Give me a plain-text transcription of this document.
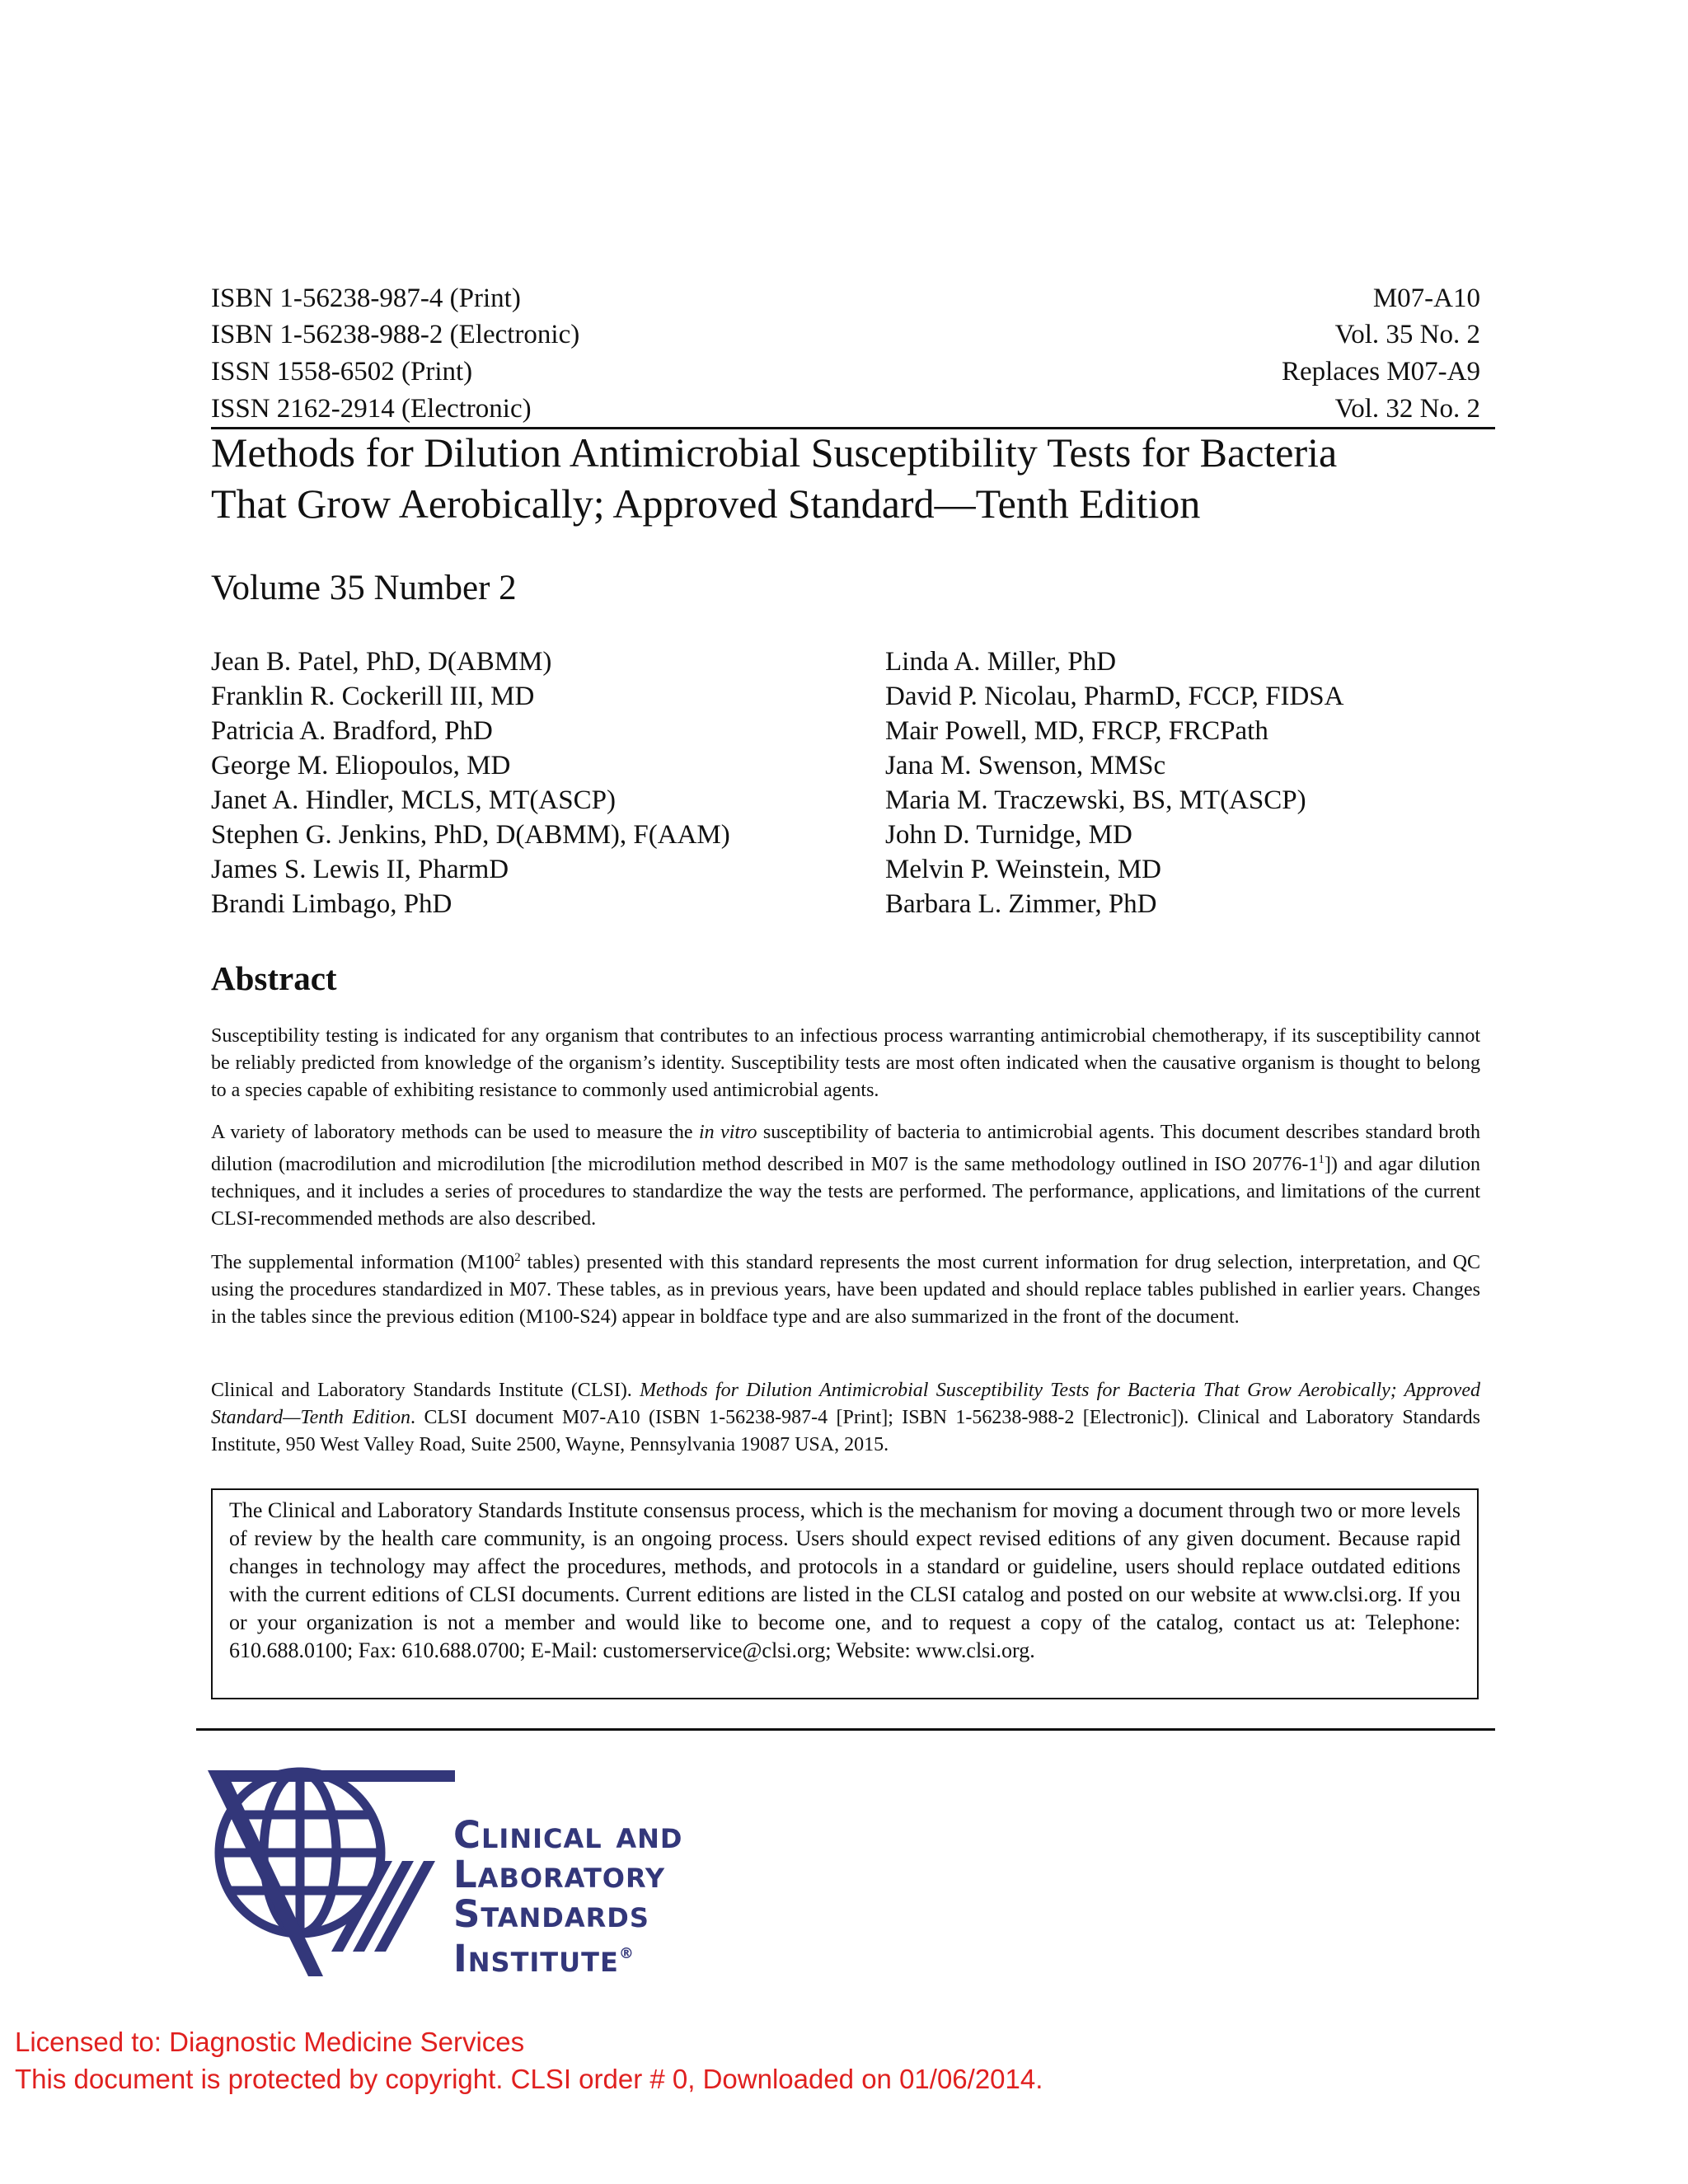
ISBN 1-56238-987-4 (Print)	M07-A10
ISBN 1-56238-988-2 (Electronic)	Vol. 35 No. 2
ISSN 1558-6502 (Print)	Replaces M07-A9
ISSN 2162-2914 (Electronic)	Vol. 32 No. 2
Methods for Dilution Antimicrobial Susceptibility Tests for Bacteria
That Grow Aerobically; Approved Standard—Tenth Edition
Volume 35 Number 2
Jean B. Patel, PhD, D(ABMM)
Franklin R. Cockerill III, MD
Patricia A. Bradford, PhD
George M. Eliopoulos, MD
Janet A. Hindler, MCLS, MT(ASCP)
Stephen G. Jenkins, PhD, D(ABMM), F(AAM)
James S. Lewis II, PharmD
Brandi Limbago, PhD
Linda A. Miller, PhD
David P. Nicolau, PharmD, FCCP, FIDSA
Mair Powell, MD, FRCP, FRCPath
Jana M. Swenson, MMSc
Maria M. Traczewski, BS, MT(ASCP)
John D. Turnidge, MD
Melvin P. Weinstein, MD
Barbara L. Zimmer, PhD
Abstract
Susceptibility testing is indicated for any organism that contributes to an infectious process warranting antimicrobial chemotherapy, if its susceptibility cannot be reliably predicted from knowledge of the organism’s identity. Susceptibility tests are most often indicated when the causative organism is thought to belong to a species capable of exhibiting resistance to commonly used antimicrobial agents.
A variety of laboratory methods can be used to measure the in vitro susceptibility of bacteria to antimicrobial agents. This document describes standard broth dilution (macrodilution and microdilution [the microdilution method described in M07 is the same methodology outlined in ISO $20776-1^1$]) and agar dilution techniques, and it includes a series of procedures to standardize the way the tests are performed. The performance, applications, and limitations of the current CLSI-recommended methods are also described.
The supplemental information ($M100^2$ tables) presented with this standard represents the most current information for drug selection, interpretation, and QC using the procedures standardized in M07. These tables, as in previous years, have been updated and should replace tables published in earlier years. Changes in the tables since the previous edition (M100-S24) appear in boldface type and are also summarized in the front of the document.
Clinical and Laboratory Standards Institute (CLSI). Methods for Dilution Antimicrobial Susceptibility Tests for Bacteria That Grow Aerobically; Approved Standard—Tenth Edition. CLSI document M07-A10 (ISBN 1-56238-987-4 [Print]; ISBN 1-56238-988-2 [Electronic]). Clinical and Laboratory Standards Institute, 950 West Valley Road, Suite 2500, Wayne, Pennsylvania 19087 USA, 2015.
The Clinical and Laboratory Standards Institute consensus process, which is the mechanism for moving a document through two or more levels of review by the health care community, is an ongoing process. Users should expect revised editions of any given document. Because rapid changes in technology may affect the procedures, methods, and protocols in a standard or guideline, users should replace outdated editions with the current editions of CLSI documents. Current editions are listed in the CLSI catalog and posted on our website at www.clsi.org. If you or your organization is not a member and would like to become one, and to request a copy of the catalog, contact us at: Telephone: 610.688.0100; Fax: 610.688.0700; E-Mail: customerservice@clsi.org; Website: www.clsi.org.
Clinical and
Laboratory
Standards
Institute®
Licensed to: Diagnostic Medicine Services
This document is protected by copyright. CLSI order # 0, Downloaded on 01/06/2014.
